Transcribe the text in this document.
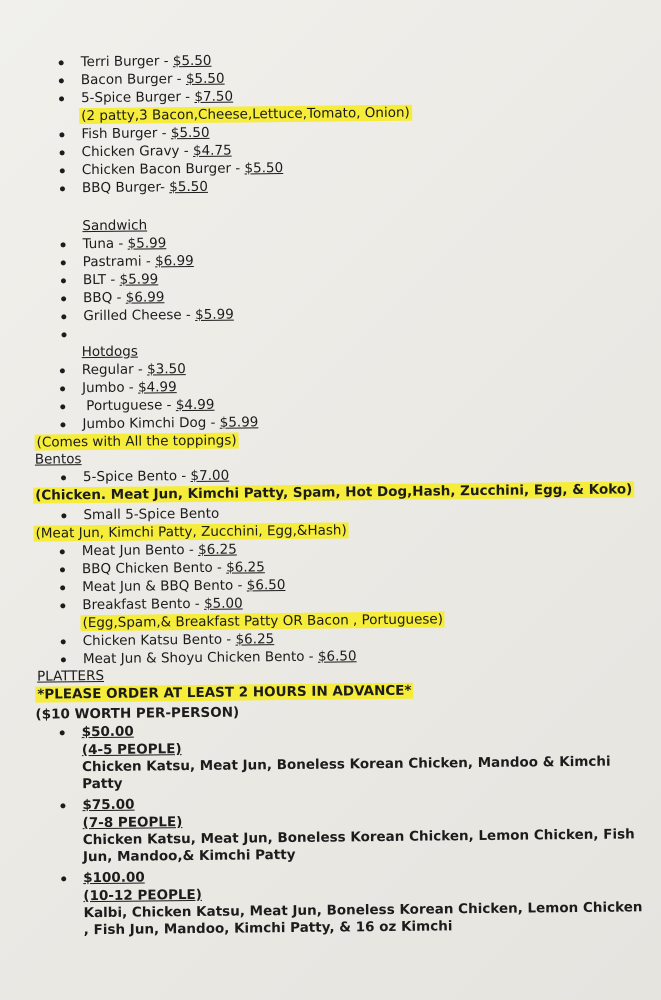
Terri Burger - $5.50
Bacon Burger - $5.50
5-Spice Burger - $7.50
(2 patty,3 Bacon,Cheese,Lettuce,Tomato, Onion)
Fish Burger - $5.50
Chicken Gravy - $4.75
Chicken Bacon Burger - $5.50
BBQ Burger- $5.50
Sandwich
Tuna - $5.99
Pastrami - $6.99
BLT - $5.99
BBQ - $6.99
Grilled Cheese - $5.99
Hotdogs
Regular - $3.50
Jumbo - $4.99
Portuguese - $4.99
Jumbo Kimchi Dog - $5.99
(Comes with All the toppings)
Bentos
5-Spice Bento - $7.00
(Chicken. Meat Jun, Kimchi Patty, Spam, Hot Dog,Hash, Zucchini, Egg, & Koko)
Small 5-Spice Bento
(Meat Jun, Kimchi Patty, Zucchini, Egg,&Hash)
Meat Jun Bento - $6.25
BBQ Chicken Bento - $6.25
Meat Jun & BBQ Bento - $6.50
Breakfast Bento - $5.00
(Egg,Spam,& Breakfast Patty OR Bacon , Portuguese)
Chicken Katsu Bento - $6.25
Meat Jun & Shoyu Chicken Bento - $6.50
PLATTERS
*PLEASE ORDER AT LEAST 2 HOURS IN ADVANCE*
($10 WORTH PER-PERSON)
$50.00
(4-5 PEOPLE)
Chicken Katsu, Meat Jun, Boneless Korean Chicken, Mandoo & Kimchi Patty
$75.00
(7-8 PEOPLE)
Chicken Katsu, Meat Jun, Boneless Korean Chicken, Lemon Chicken, Fish Jun, Mandoo,& Kimchi Patty
$100.00
(10-12 PEOPLE)
Kalbi, Chicken Katsu, Meat Jun, Boneless Korean Chicken, Lemon Chicken , Fish Jun, Mandoo, Kimchi Patty, & 16 oz Kimchi
